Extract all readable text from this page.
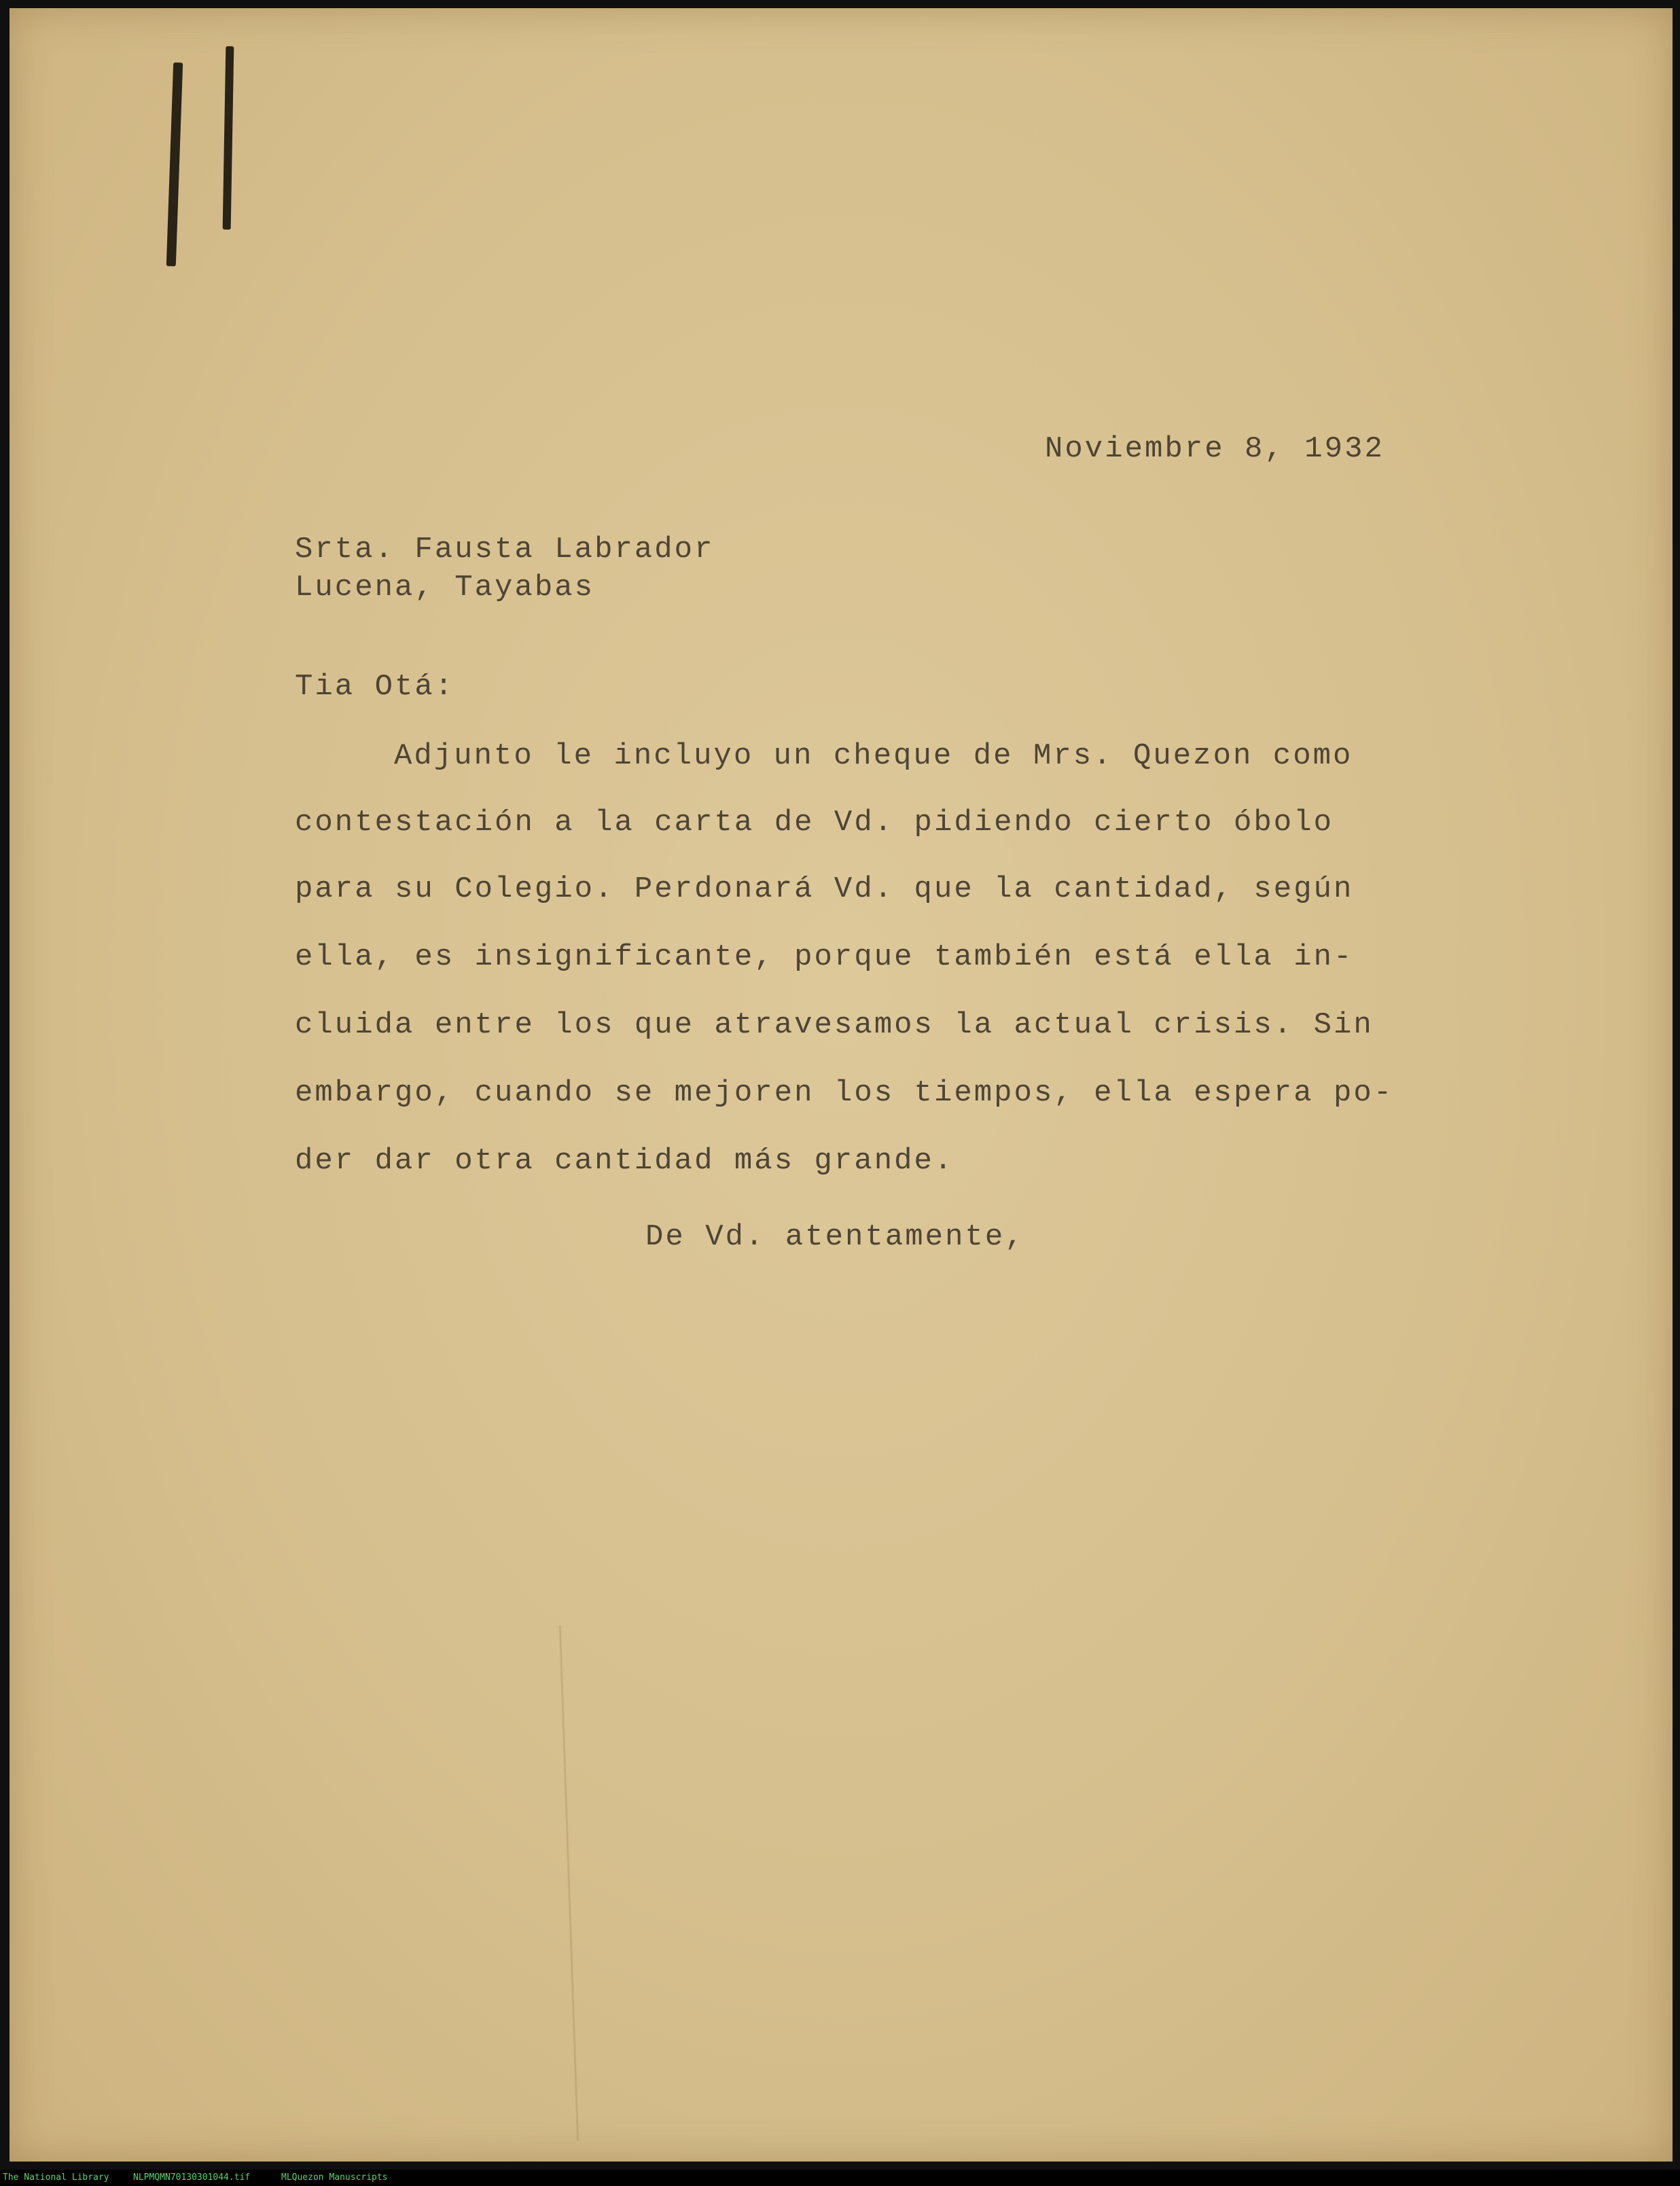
​
Noviembre 8, 1932
Srta. Fausta Labrador
Lucena, Tayabas
Tia Otá:
Adjunto le incluyo un cheque de Mrs. Quezon como
contestación a la carta de Vd. pidiendo cierto óbolo
para su Colegio. Perdonará Vd. que la cantidad, según
ella, es insignificante, porque también está ella in-
cluida entre los que atravesamos la actual crisis. Sin
embargo, cuando se mejoren los tiempos, ella espera po-
der dar otra cantidad más grande.
De Vd. atentamente,
The National Library	NLPMQMN70130301044.tif	MLQuezon Manuscripts
